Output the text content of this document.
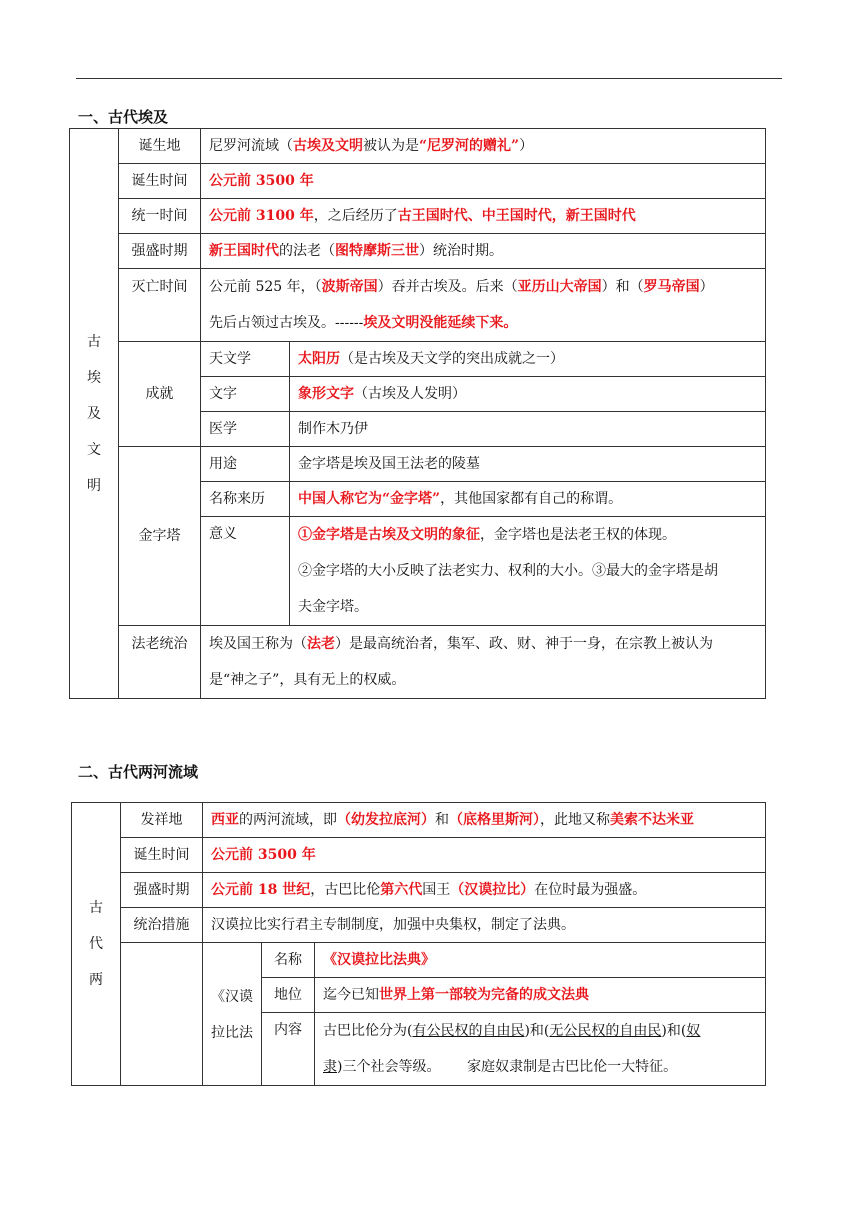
一、古代埃及
古
埃
及
文
明	诞生地	尼罗河流域（古埃及文明被认为是“尼罗河的赠礼”）	
	诞生时间	公元前 3500 年	
	统一时间	公元前 3100 年，之后经历了古王国时代、中王国时代，新王国时代	
	强盛时期	新王国时代的法老（图特摩斯三世）统治时期。	
	灭亡时间	公元前 525 年，（波斯帝国）吞并古埃及。后来（亚历山大帝国）和（罗马帝国）
先后占领过古埃及。------埃及文明没能延续下来。	
	成就	天文学	太阳历（是古埃及天文学的突出成就之一）
		文字	象形文字（古埃及人发明）
		医学	制作木乃伊
	金字塔	用途	金字塔是埃及国王法老的陵墓
		名称来历	中国人称它为“金字塔”，其他国家都有自己的称谓。
		意义	①金字塔是古埃及文明的象征，金字塔也是法老王权的体现。
②金字塔的大小反映了法老实力、权利的大小。③最大的金字塔是胡
夫金字塔。
	法老统治	埃及国王称为（法老）是最高统治者，集军、政、财、神于一身，在宗教上被认为
是“神之子”，具有无上的权威。	
二、古代两河流域
古
代
两	发祥地	西亚的两河流域，即（幼发拉底河）和（底格里斯河），此地又称美索不达米亚		
	诞生时间	公元前 3500 年		
	强盛时期	公元前 18 世纪，古巴比伦第六代国王（汉谟拉比）在位时最为强盛。		
	统治措施	汉谟拉比实行君主专制制度，加强中央集权，制定了法典。		

		《汉谟
拉比法	名称	《汉谟拉比法典》
			地位	迄今已知世界上第一部较为完备的成文法典
			内容	古巴比伦分为(有公民权的自由民)和(无公民权的自由民)和(奴
隶)三个社会等级。      家庭奴隶制是古巴比伦一大特征。
